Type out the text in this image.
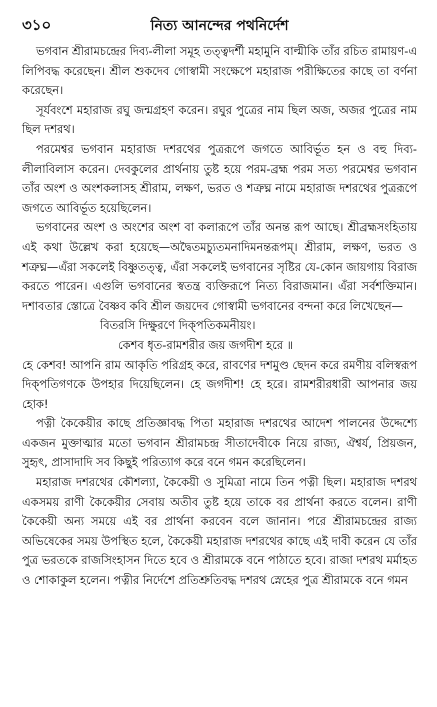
৩১০	নিত্য আনন্দের পথনির্দেশ

ভগবান শ্রীরামচন্দ্রের দিব্য-লীলা সমূহ তত্ত্বদর্শী মহামুনি বাল্মীকি তাঁর রচিত রামায়ণ-এ লিপিবদ্ধ করেছেন। শ্রীল শুকদেব গোস্বামী সংক্ষেপে মহারাজ পরীক্ষিতের কাছে তা বর্ণনা করেছেন।

সূর্যবংশে মহারাজ রঘু জন্মগ্রহণ করেন। রঘুর পুত্রের নাম ছিল অজ, অজর পুত্রের নাম ছিল দশরথ।

পরমেশ্বর ভগবান মহারাজ দশরথের পুত্ররূপে জগতে আবির্ভূত হন ও বহু দিব্য-লীলাবিলাস করেন। দেবকুলের প্রার্থনায় তুষ্ট হয়ে পরম-ব্রহ্ম পরম সত্য পরমেশ্বর ভগবান তাঁর অংশ ও অংশকলাসহ শ্রীরাম, লক্ষণ, ভরত ও শত্রুঘ্ন নামে মহারাজ দশরথের পুত্ররূপে জগতে আবির্ভূত হয়েছিলেন।

ভগবানের অংশ ও অংশের অংশ বা কলারূপে তাঁর অনন্ত রূপ আছে। শ্রীব্রহ্মসংহিতায় এই কথা উল্লেখ করা হয়েছে—অদ্বৈতমচ্যুতমনাদিমনন্তরূপম্। শ্রীরাম, লক্ষণ, ভরত ও শত্রুঘ্ন—এঁরা সকলেই বিষ্ণুতত্ত্ব, এঁরা সকলেই ভগবানের সৃষ্টির যে-কোন জায়গায় বিরাজ করতে পারেন। এগুলি ভগবানের স্বতন্ত্র ব্যক্তিরূপে নিত্য বিরাজমান। এঁরা সর্বশক্তিমান। দশাবতার স্তোত্রে বৈষ্ণব কবি শ্রীল জয়দেব গোস্বামী ভগবানের বন্দনা করে লিখেছেন—

বিতরসি দিক্ষুরণে দিক্পতিকমনীয়ং।

কেশব ধৃত-রামশরীর জয় জগদীশ হরে ॥

হে কেশব! আপনি রাম আকৃতি পরিগ্রহ করে, রাবণের দশমুণ্ড ছেদন করে রমণীয় বলিস্বরূপ দিক্পতিগণকে উপহার দিয়েছিলেন। হে জগদীশ! হে হরে। রামশরীরধারী আপনার জয় হোক!

পত্নী কৈকেয়ীর কাছে প্রতিজ্ঞাবদ্ধ পিতা মহারাজ দশরথের আদেশ পালনের উদ্দেশ্যে একজন মুক্তাত্মার মতো ভগবান শ্রীরামচন্দ্র সীতাদেবীকে নিয়ে রাজ্য, ঐশ্বর্য, প্রিয়জন, সুহৃৎ, প্রাসাদাদি সব কিছুই পরিত্যাগ করে বনে গমন করেছিলেন।

মহারাজ দশরথের কৌশল্যা, কৈকেয়ী ও সুমিত্রা নামে তিন পত্নী ছিল। মহারাজ দশরথ একসময় রাণী কৈকেয়ীর সেবায় অতীব তুষ্ট হয়ে তাকে বর প্রার্থনা করতে বলেন। রাণী কৈকেয়ী অন্য সময়ে এই বর প্রার্থনা করবেন বলে জানান। পরে শ্রীরামচন্দ্রের রাজ্য অভিষেকের সময় উপস্থিত হলে, কৈকেয়ী মহারাজ দশরথের কাছে এই দাবী করেন যে তাঁর পুত্র ভরতকে রাজসিংহাসন দিতে হবে ও শ্রীরামকে বনে পাঠাতে হবে। রাজা দশরথ মর্মাহত ও শোকাকুল হলেন। পত্নীর নির্দেশে প্রতিশ্রুতিবদ্ধ দশরথ স্নেহের পুত্র শ্রীরামকে বনে গমন
